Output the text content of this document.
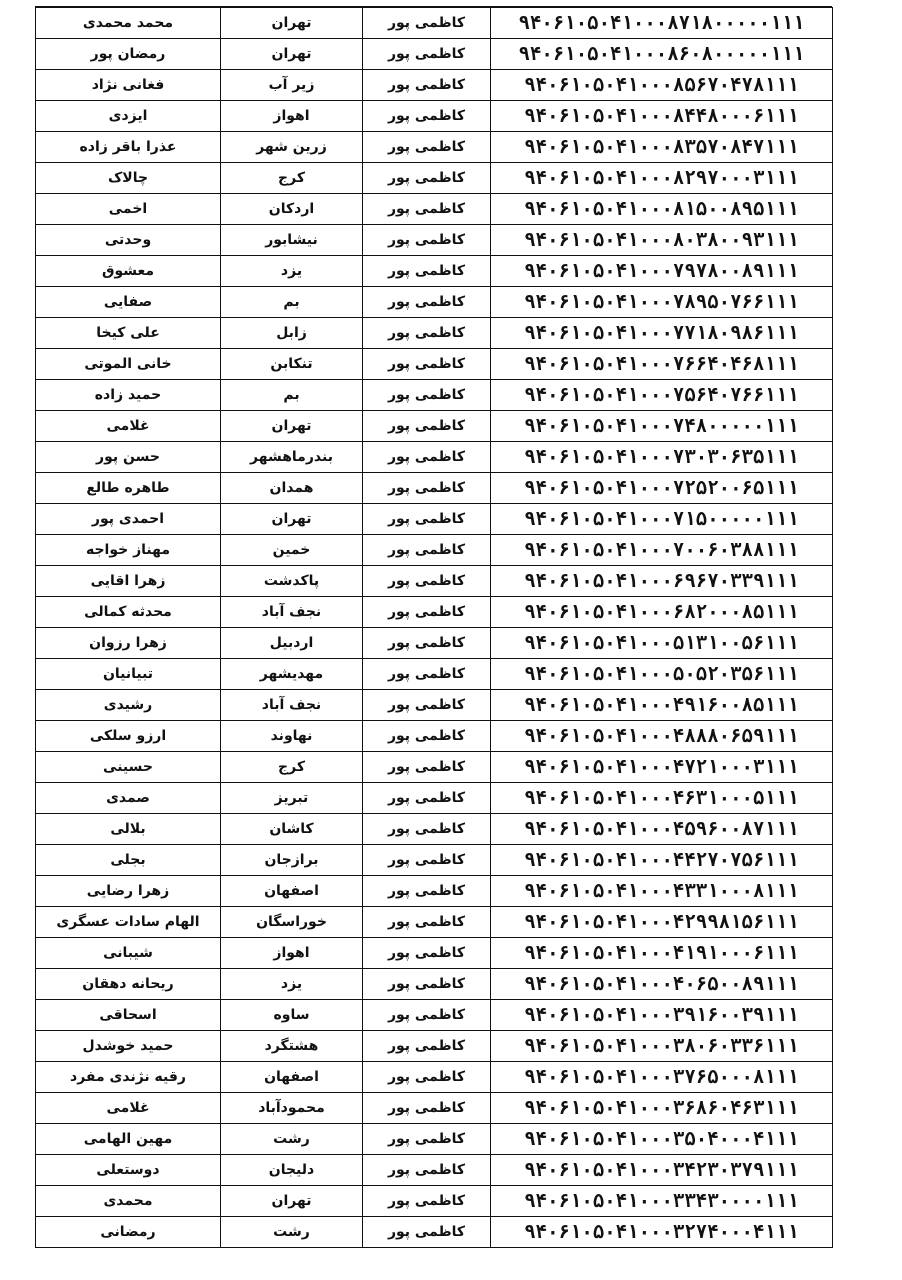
محمد محمدی	تهران	کاظمی پور	۹۴۰۶۱۰۵۰۴۱۰۰۰۸۷۱۸۰۰۰۰۰۱۱۱
رمضان پور	تهران	کاظمی پور	۹۴۰۶۱۰۵۰۴۱۰۰۰۸۶۰۸۰۰۰۰۰۱۱۱
فغانی نژاد	زیر آب	کاظمی پور	۹۴۰۶۱۰۵۰۴۱۰۰۰۸۵۶۷۰۴۷۸۱۱۱
ایزدی	اهواز	کاظمی پور	۹۴۰۶۱۰۵۰۴۱۰۰۰۸۴۴۸۰۰۰۶۱۱۱
عذرا باقر زاده	زرین شهر	کاظمی پور	۹۴۰۶۱۰۵۰۴۱۰۰۰۸۳۵۷۰۸۴۷۱۱۱
چالاک	کرج	کاظمی پور	۹۴۰۶۱۰۵۰۴۱۰۰۰۸۲۹۷۰۰۰۳۱۱۱
اخمی	اردکان	کاظمی پور	۹۴۰۶۱۰۵۰۴۱۰۰۰۸۱۵۰۰۸۹۵۱۱۱
وحدتی	نیشابور	کاظمی پور	۹۴۰۶۱۰۵۰۴۱۰۰۰۸۰۳۸۰۰۹۳۱۱۱
معشوق	یزد	کاظمی پور	۹۴۰۶۱۰۵۰۴۱۰۰۰۷۹۷۸۰۰۸۹۱۱۱
صفایی	بم	کاظمی پور	۹۴۰۶۱۰۵۰۴۱۰۰۰۷۸۹۵۰۷۶۶۱۱۱
علی کیخا	زابل	کاظمی پور	۹۴۰۶۱۰۵۰۴۱۰۰۰۷۷۱۸۰۹۸۶۱۱۱
خانی الموتی	تنکابن	کاظمی پور	۹۴۰۶۱۰۵۰۴۱۰۰۰۷۶۶۴۰۴۶۸۱۱۱
حمید زاده	بم	کاظمی پور	۹۴۰۶۱۰۵۰۴۱۰۰۰۷۵۶۴۰۷۶۶۱۱۱
غلامی	تهران	کاظمی پور	۹۴۰۶۱۰۵۰۴۱۰۰۰۷۴۸۰۰۰۰۰۱۱۱
حسن پور	بندرماهشهر	کاظمی پور	۹۴۰۶۱۰۵۰۴۱۰۰۰۷۳۰۳۰۶۳۵۱۱۱
طاهره طالع	همدان	کاظمی پور	۹۴۰۶۱۰۵۰۴۱۰۰۰۷۲۵۲۰۰۶۵۱۱۱
احمدی پور	تهران	کاظمی پور	۹۴۰۶۱۰۵۰۴۱۰۰۰۷۱۵۰۰۰۰۰۱۱۱
مهناز خواجه	خمین	کاظمی پور	۹۴۰۶۱۰۵۰۴۱۰۰۰۷۰۰۶۰۳۸۸۱۱۱
زهرا اقایی	پاکدشت	کاظمی پور	۹۴۰۶۱۰۵۰۴۱۰۰۰۶۹۶۷۰۳۳۹۱۱۱
محدثه کمالی	نجف آباد	کاظمی پور	۹۴۰۶۱۰۵۰۴۱۰۰۰۶۸۲۰۰۰۸۵۱۱۱
زهرا رزوان	اردبیل	کاظمی پور	۹۴۰۶۱۰۵۰۴۱۰۰۰۵۱۳۱۰۰۵۶۱۱۱
تبیانیان	مهدیشهر	کاظمی پور	۹۴۰۶۱۰۵۰۴۱۰۰۰۵۰۵۲۰۳۵۶۱۱۱
رشیدی	نجف آباد	کاظمی پور	۹۴۰۶۱۰۵۰۴۱۰۰۰۴۹۱۶۰۰۸۵۱۱۱
ارزو سلکی	نهاوند	کاظمی پور	۹۴۰۶۱۰۵۰۴۱۰۰۰۴۸۸۸۰۶۵۹۱۱۱
حسینی	کرج	کاظمی پور	۹۴۰۶۱۰۵۰۴۱۰۰۰۴۷۲۱۰۰۰۳۱۱۱
صمدی	تبریز	کاظمی پور	۹۴۰۶۱۰۵۰۴۱۰۰۰۴۶۳۱۰۰۰۵۱۱۱
بلالی	کاشان	کاظمی پور	۹۴۰۶۱۰۵۰۴۱۰۰۰۴۵۹۶۰۰۸۷۱۱۱
بجلی	برازجان	کاظمی پور	۹۴۰۶۱۰۵۰۴۱۰۰۰۴۴۲۷۰۷۵۶۱۱۱
زهرا رضایی	اصفهان	کاظمی پور	۹۴۰۶۱۰۵۰۴۱۰۰۰۴۳۳۱۰۰۰۸۱۱۱
الهام سادات عسگری	خوراسگان	کاظمی پور	۹۴۰۶۱۰۵۰۴۱۰۰۰۴۲۹۹۸۱۵۶۱۱۱
شیبانی	اهواز	کاظمی پور	۹۴۰۶۱۰۵۰۴۱۰۰۰۴۱۹۱۰۰۰۶۱۱۱
ریحانه دهقان	یزد	کاظمی پور	۹۴۰۶۱۰۵۰۴۱۰۰۰۴۰۶۵۰۰۸۹۱۱۱
اسحاقی	ساوه	کاظمی پور	۹۴۰۶۱۰۵۰۴۱۰۰۰۳۹۱۶۰۰۳۹۱۱۱
حمید خوشدل	هشتگرد	کاظمی پور	۹۴۰۶۱۰۵۰۴۱۰۰۰۳۸۰۶۰۳۳۶۱۱۱
رقیه نژندی مفرد	اصفهان	کاظمی پور	۹۴۰۶۱۰۵۰۴۱۰۰۰۳۷۶۵۰۰۰۸۱۱۱
غلامی	محمودآباد	کاظمی پور	۹۴۰۶۱۰۵۰۴۱۰۰۰۳۶۸۶۰۴۶۳۱۱۱
مهین الهامی	رشت	کاظمی پور	۹۴۰۶۱۰۵۰۴۱۰۰۰۳۵۰۴۰۰۰۴۱۱۱
دوستعلی	دلیجان	کاظمی پور	۹۴۰۶۱۰۵۰۴۱۰۰۰۳۴۲۳۰۳۷۹۱۱۱
محمدی	تهران	کاظمی پور	۹۴۰۶۱۰۵۰۴۱۰۰۰۳۳۴۳۰۰۰۰۱۱۱
رمضانی	رشت	کاظمی پور	۹۴۰۶۱۰۵۰۴۱۰۰۰۳۲۷۴۰۰۰۴۱۱۱
